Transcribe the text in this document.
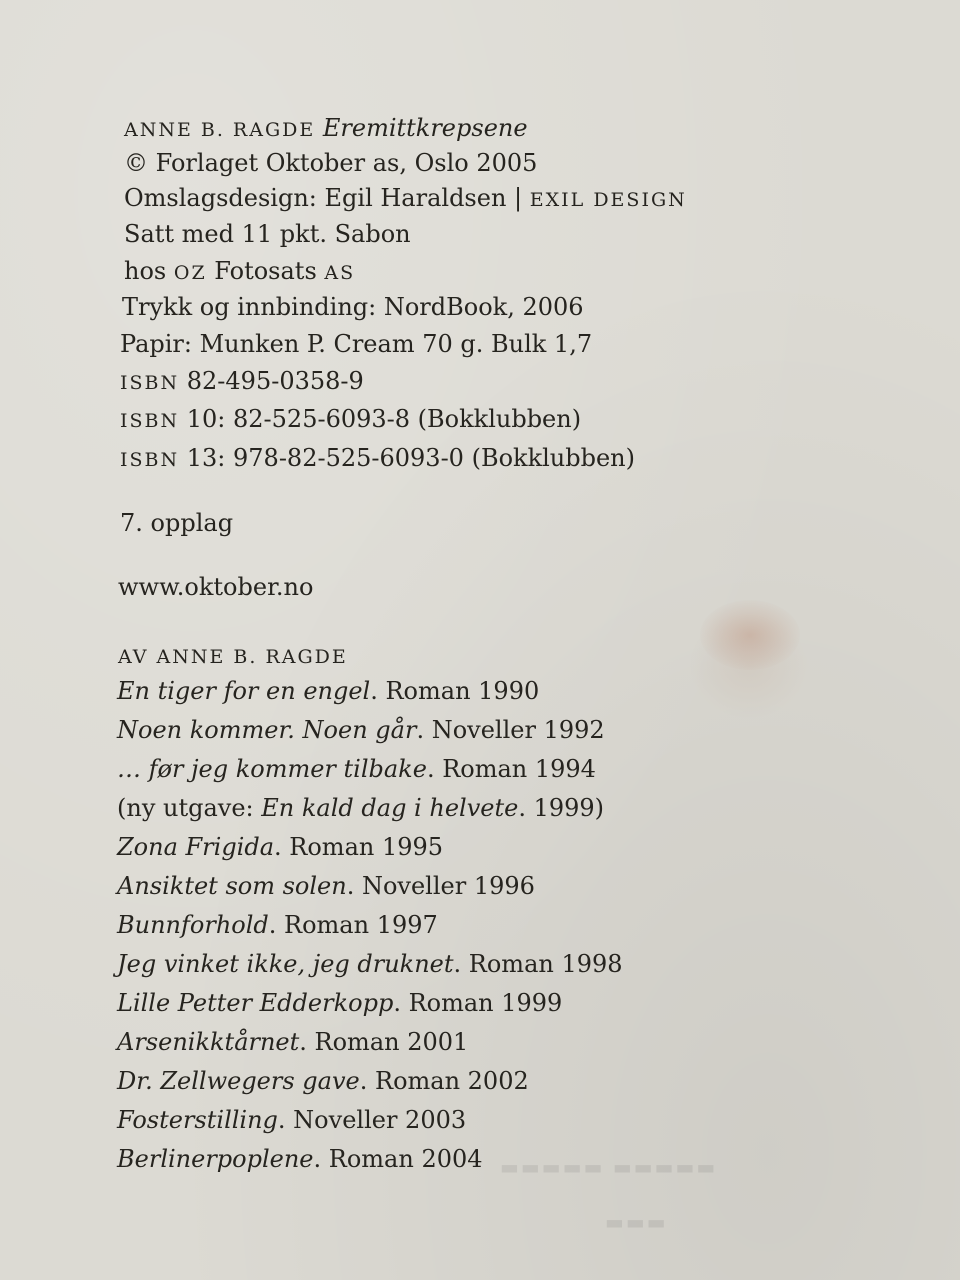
ANNE B. RAGDE Eremittkrepsene
© Forlaget Oktober as, Oslo 2005
Omslagsdesign: Egil Haraldsen | EXIL DESIGN
Satt med 11 pkt. Sabon
hos OZ Fotosats AS
Trykk og innbinding: NordBook, 2006
Papir: Munken P. Cream 70 g. Bulk 1,7
ISBN 82-495-0358-9
ISBN 10: 82-525-6093-8 (Bokklubben)
ISBN 13: 978-82-525-6093-0 (Bokklubben)
7. opplag
www.oktober.no
AV ANNE B. RAGDE
En tiger for en engel. Roman 1990
Noen kommer. Noen går. Noveller 1992
… før jeg kommer tilbake. Roman 1994
(ny utgave: En kald dag i helvete. 1999)
Zona Frigida. Roman 1995
Ansiktet som solen. Noveller 1996
Bunnforhold. Roman 1997
Jeg vinket ikke, jeg druknet. Roman 1998
Lille Petter Edderkopp. Roman 1999
Arsenikktårnet. Roman 2001
Dr. Zellwegers gave. Roman 2002
Fosterstilling. Noveller 2003
Berlinerpoplene. Roman 2004 ▬▬▬▬▬ ▬▬▬▬▬
▬▬▬
